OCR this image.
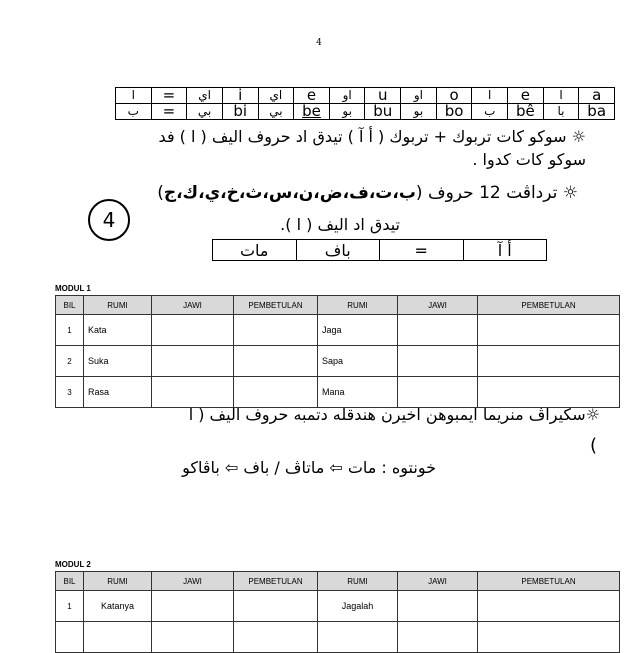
4
ا	=	اي	i	اي	e	او	u	او	o	ا	e	ا	a
ب	=	بي	bi	بي	be	بو	bu	بو	bo	ب	bê	با	ba
☼ سوكو كات تربوك + تربوك ( أ آ ) تيدق اد حروف اليف ( ا ) فد
سوكو كات كدوا .
☼ ترداڤت 12 حروف (ب،ت،ف،ض،ن،س،ث،خ،ي،ك،ج)
4	تيدق اد اليف ( ا ).
مات	باف	=	أ آ
MODUL 1
BIL	RUMI	JAWI	PEMBETULAN	RUMI	JAWI	PEMBETULAN
1	Kata			Jaga		
2	Suka			Sapa		
3	Rasa			Mana		
☼سكيراڤ منريما ايمبوهن اخيرن هندقله دتمبه حروف اليف ( ا
(
خونتوه : مات ⇦ ماتاڤ / باف ⇦ باڤاكو
MODUL 2
BIL	RUMI	JAWI	PEMBETULAN	RUMI	JAWI	PEMBETULAN
1	Katanya			Jagalah		
